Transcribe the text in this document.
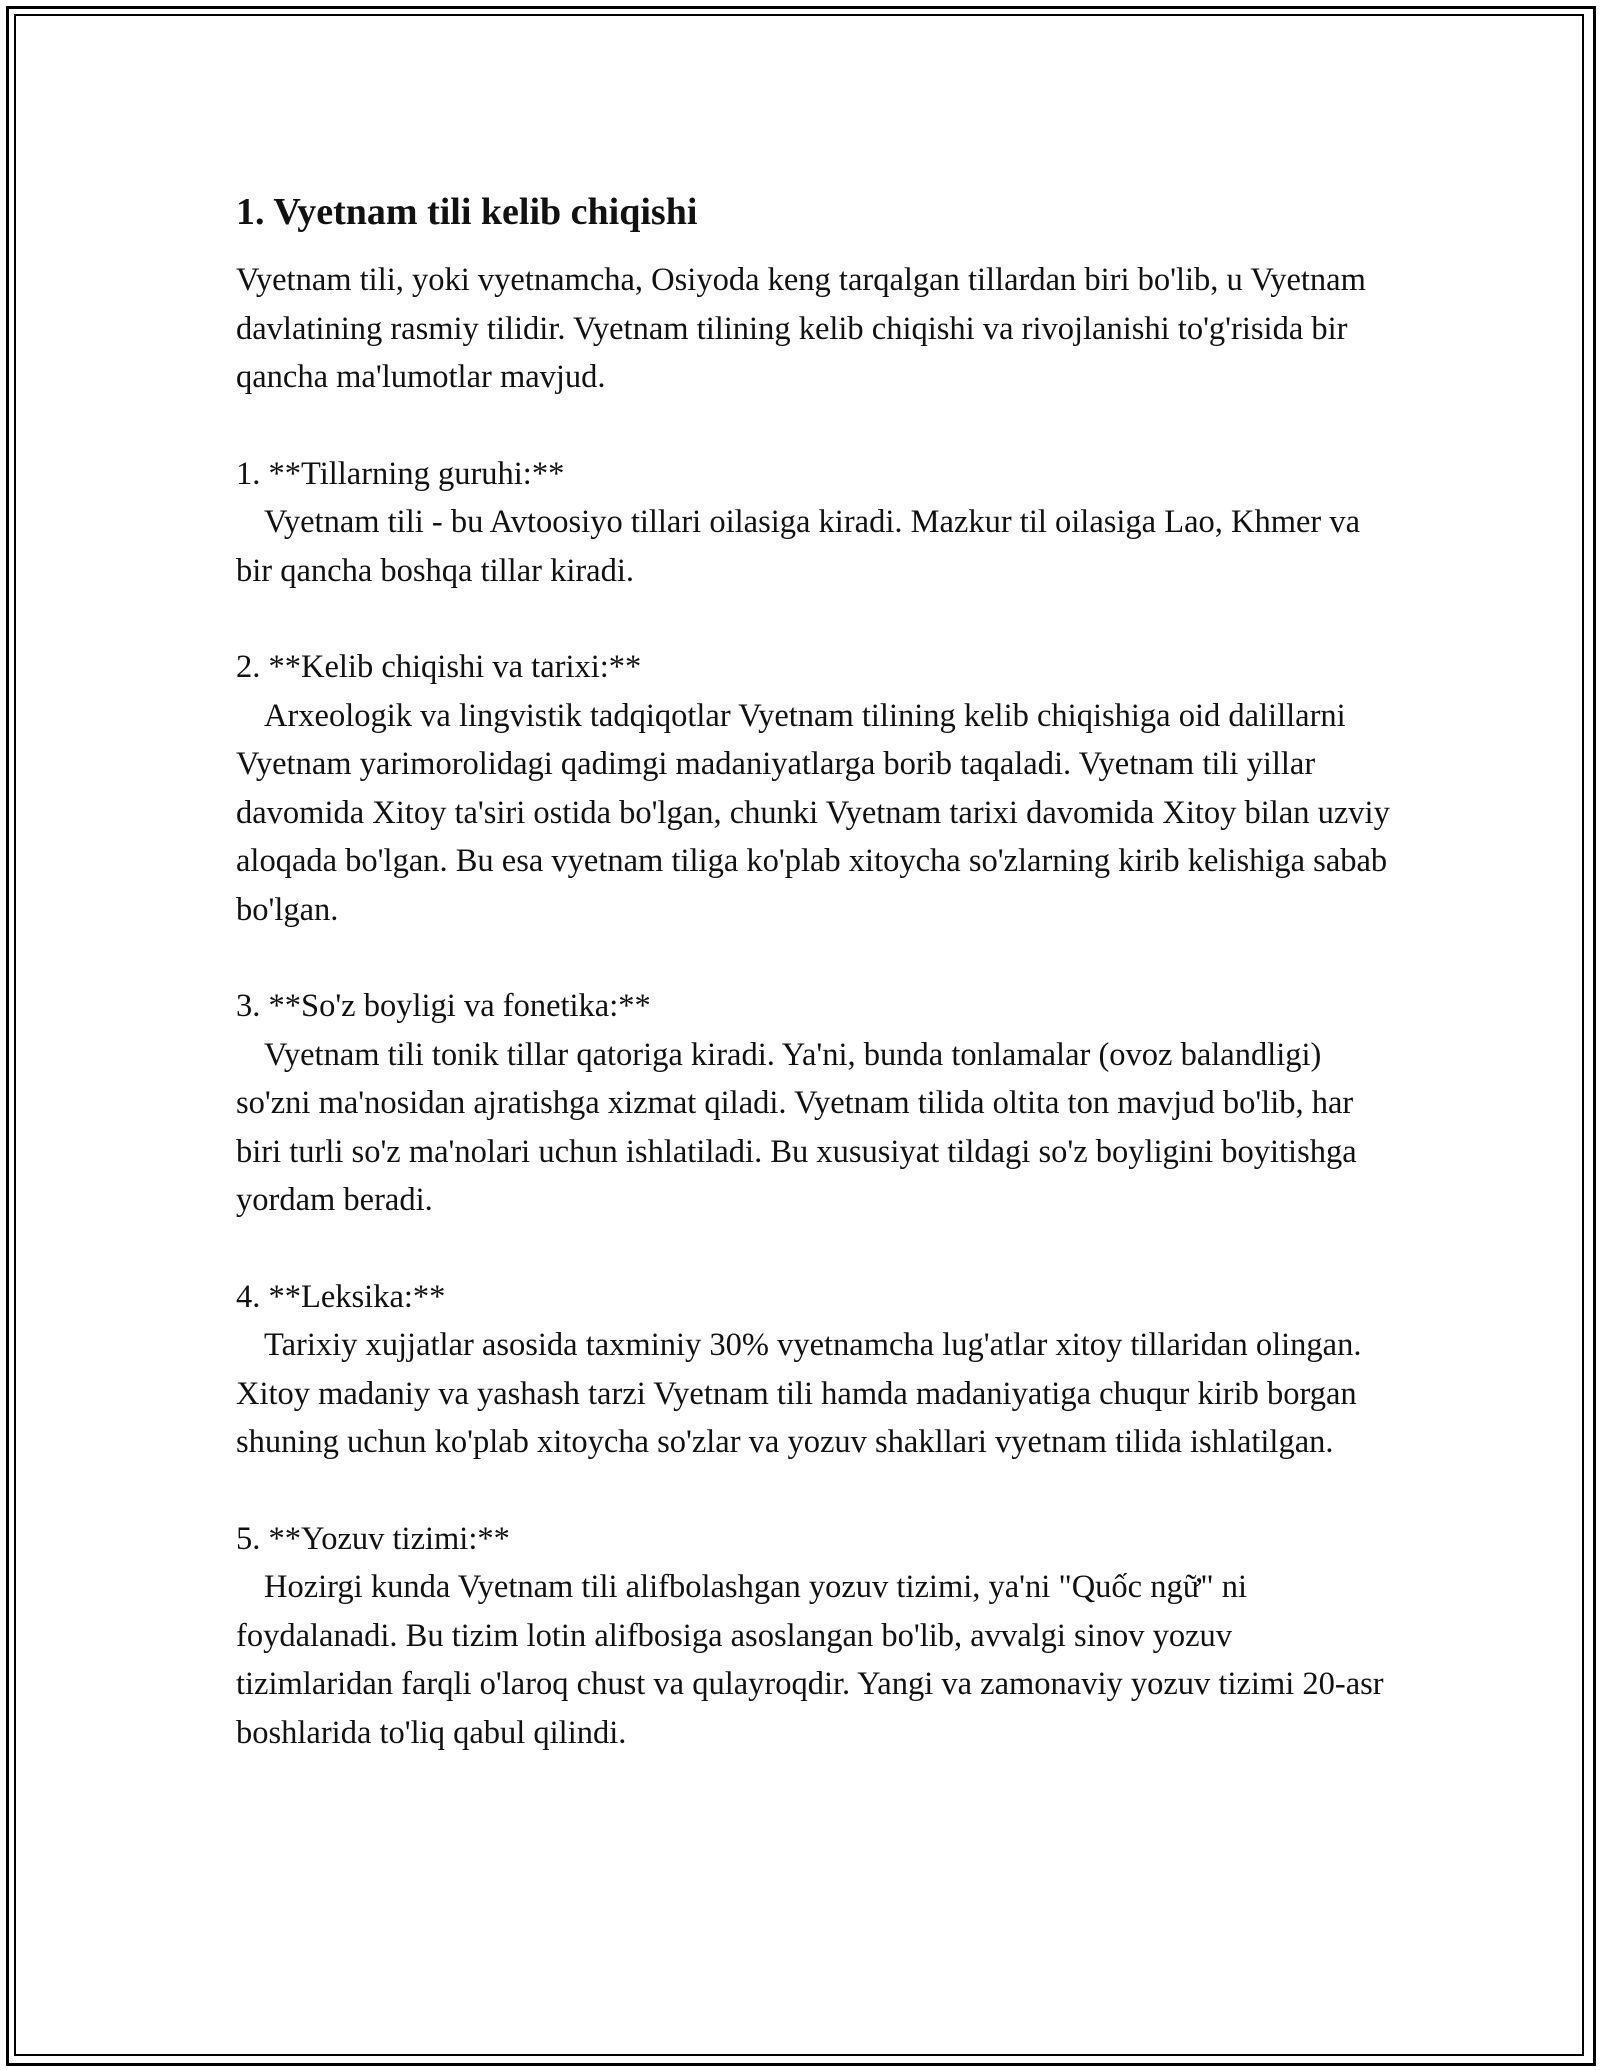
1. Vyetnam tili kelib chiqishi

Vyetnam tili, yoki vyetnamcha, Osiyoda keng tarqalgan tillardan biri bo'lib, u Vyetnam davlatining rasmiy tilidir. Vyetnam tilining kelib chiqishi va rivojlanishi to'g'risida bir qancha ma'lumotlar mavjud.

1. **Tillarning guruhi:**

Vyetnam tili - bu Avtoosiyo tillari oilasiga kiradi. Mazkur til oilasiga Lao, Khmer va bir qancha boshqa tillar kiradi.

2. **Kelib chiqishi va tarixi:**

Arxeologik va lingvistik tadqiqotlar Vyetnam tilining kelib chiqishiga oid dalillarni Vyetnam yarimorolidagi qadimgi madaniyatlarga borib taqaladi. Vyetnam tili yillar davomida Xitoy ta'siri ostida bo'lgan, chunki Vyetnam tarixi davomida Xitoy bilan uzviy aloqada bo'lgan. Bu esa vyetnam tiliga ko'plab xitoycha so'zlarning kirib kelishiga sabab bo'lgan.

3. **So'z boyligi va fonetika:**

Vyetnam tili tonik tillar qatoriga kiradi. Ya'ni, bunda tonlamalar (ovoz balandligi) so'zni ma'nosidan ajratishga xizmat qiladi. Vyetnam tilida oltita ton mavjud bo'lib, har biri turli so'z ma'nolari uchun ishlatiladi. Bu xususiyat tildagi so'z boyligini boyitishga yordam beradi.

4. **Leksika:**

Tarixiy xujjatlar asosida taxminiy 30% vyetnamcha lug'atlar xitoy tillaridan olingan. Xitoy madaniy va yashash tarzi Vyetnam tili hamda madaniyatiga chuqur kirib borgan shuning uchun ko'plab xitoycha so'zlar va yozuv shakllari vyetnam tilida ishlatilgan.

5. **Yozuv tizimi:**

Hozirgi kunda Vyetnam tili alifbolashgan yozuv tizimi, ya'ni "Quốc ngữ" ni foydalanadi. Bu tizim lotin alifbosiga asoslangan bo'lib, avvalgi sinov yozuv tizimlaridan farqli o'laroq chust va qulayroqdir. Yangi va zamonaviy yozuv tizimi 20-asr boshlarida to'liq qabul qilindi.
